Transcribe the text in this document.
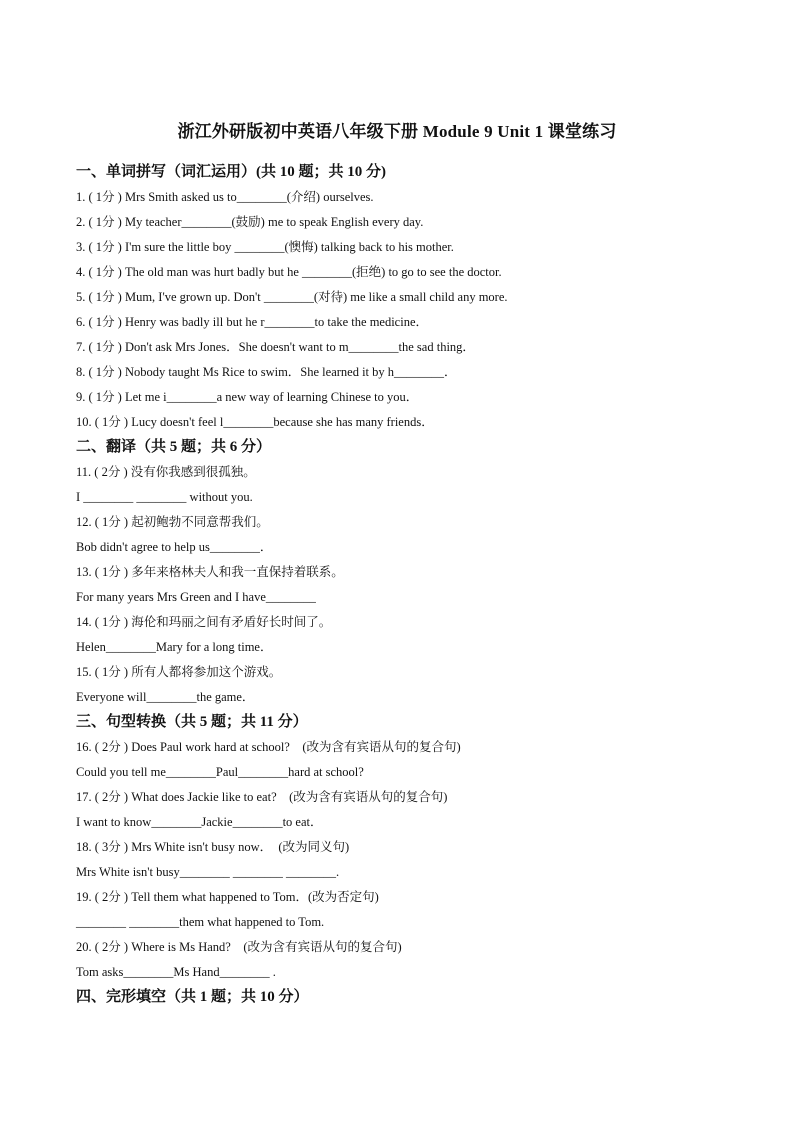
浙江外研版初中英语八年级下册 Module 9 Unit 1 课堂练习
一、单词拼写（词汇运用）(共 10 题；共 10 分)
1. ( 1分 ) Mrs Smith asked us to________(介绍) ourselves.
2. ( 1分 ) My teacher________(鼓励) me to speak English every day.
3. ( 1分 ) I'm sure the little boy ________(懊悔) talking back to his mother.
4. ( 1分 ) The old man was hurt badly but he ________(拒绝) to go to see the doctor.
5. ( 1分 ) Mum, I've grown up. Don't ________(对待) me like a small child any more.
6. ( 1分 ) Henry was badly ill but he r________to take the medicine．
7. ( 1分 ) Don't ask Mrs Jones．She doesn't want to m________the sad thing．
8. ( 1分 ) Nobody taught Ms Rice to swim．She learned it by h________．
9. ( 1分 ) Let me i________a new way of learning Chinese to you．
10. ( 1分 ) Lucy doesn't feel l________because she has many friends．
二、翻译（共 5 题；共 6 分）
11. ( 2分 ) 没有你我感到很孤独。
I ________ ________ without you.
12. ( 1分 ) 起初鲍勃不同意帮我们。
Bob didn't agree to help us________．
13. ( 1分 ) 多年来格林夫人和我一直保持着联系。
For many years Mrs Green and I have________
14. ( 1分 ) 海伦和玛丽之间有矛盾好长时间了。
Helen________Mary for a long time．
15. ( 1分 ) 所有人都将参加这个游戏。
Everyone will________the game．
三、句型转换（共 5 题；共 11 分）
16. ( 2分 ) Does Paul work hard at school?　(改为含有宾语从句的复合句)
Could you tell me________Paul________hard at school?
17. ( 2分 ) What does Jackie like to eat?　(改为含有宾语从句的复合句)
I want to know________Jackie________to eat．
18. ( 3分 ) Mrs White isn't busy now．　(改为同义句)
Mrs White isn't busy________ ________ ________.
19. ( 2分 ) Tell them what happened to Tom．(改为否定句)
________ ________them what happened to Tom.
20. ( 2分 ) Where is Ms Hand?　(改为含有宾语从句的复合句)
Tom asks________Ms Hand________ .
四、完形填空（共 1 题；共 10 分）
